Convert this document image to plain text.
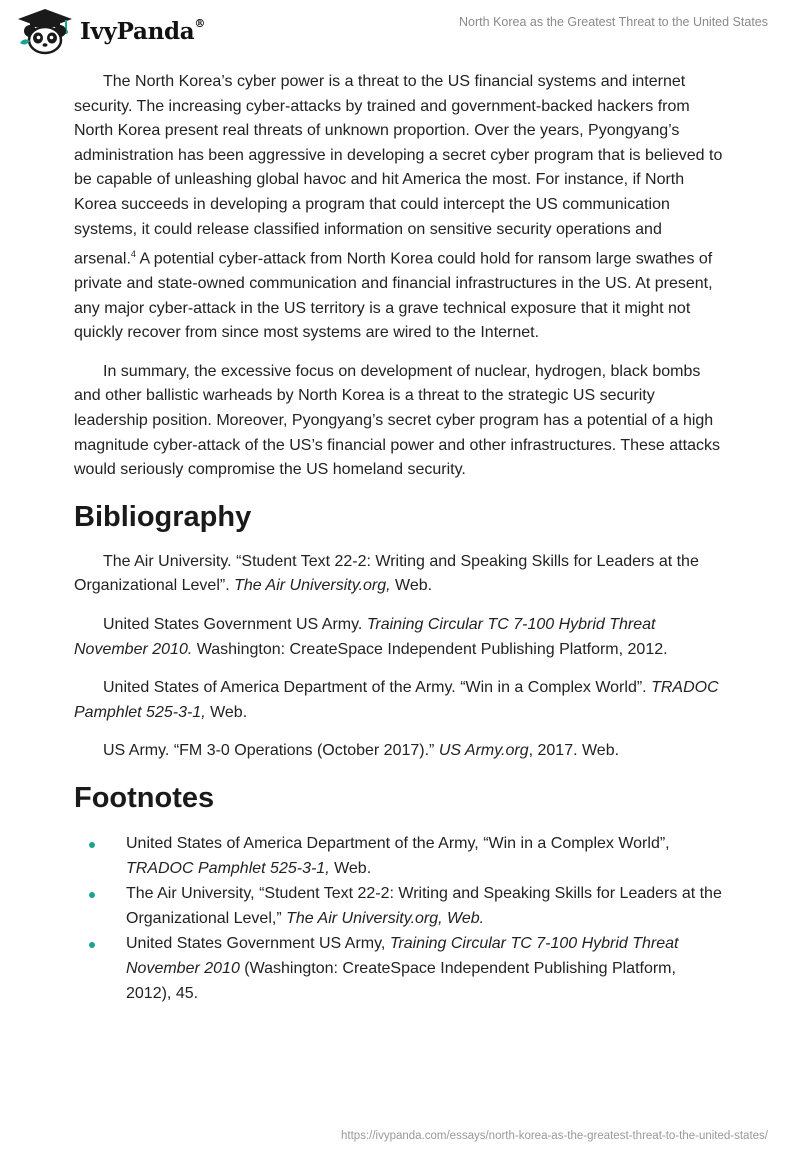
IvyPanda®	North Korea as the Greatest Threat to the United States

The North Korea’s cyber power is a threat to the US financial systems and internet security. The increasing cyber-attacks by trained and government-backed hackers from North Korea present real threats of unknown proportion. Over the years, Pyongyang’s administration has been aggressive in developing a secret cyber program that is believed to be capable of unleashing global havoc and hit America the most. For instance, if North Korea succeeds in developing a program that could intercept the US communication systems, it could release classified information on sensitive security operations and arsenal.$^4$ A potential cyber-attack from North Korea could hold for ransom large swathes of private and state-owned communication and financial infrastructures in the US. At present, any major cyber-attack in the US territory is a grave technical exposure that it might not quickly recover from since most systems are wired to the Internet.

In summary, the excessive focus on development of nuclear, hydrogen, black bombs and other ballistic warheads by North Korea is a threat to the strategic US security leadership position. Moreover, Pyongyang’s secret cyber program has a potential of a high magnitude cyber-attack of the US’s financial power and other infrastructures. These attacks would seriously compromise the US homeland security.

Bibliography

The Air University. “Student Text 22-2: Writing and Speaking Skills for Leaders at the Organizational Level”. The Air University.org, Web.

United States Government US Army. Training Circular TC 7-100 Hybrid Threat November 2010. Washington: CreateSpace Independent Publishing Platform, 2012.

United States of America Department of the Army. “Win in a Complex World”. TRADOC Pamphlet 525-3-1, Web.

US Army. “FM 3-0 Operations (October 2017).” US Army.org, 2017. Web.

Footnotes
United States of America Department of the Army, “Win in a Complex World”, TRADOC Pamphlet 525-3-1, Web.
The Air University, “Student Text 22-2: Writing and Speaking Skills for Leaders at the Organizational Level,” The Air University.org, Web.
United States Government US Army, Training Circular TC 7-100 Hybrid Threat November 2010 (Washington: CreateSpace Independent Publishing Platform, 2012), 45.
https://ivypanda.com/essays/north-korea-as-the-greatest-threat-to-the-united-states/
